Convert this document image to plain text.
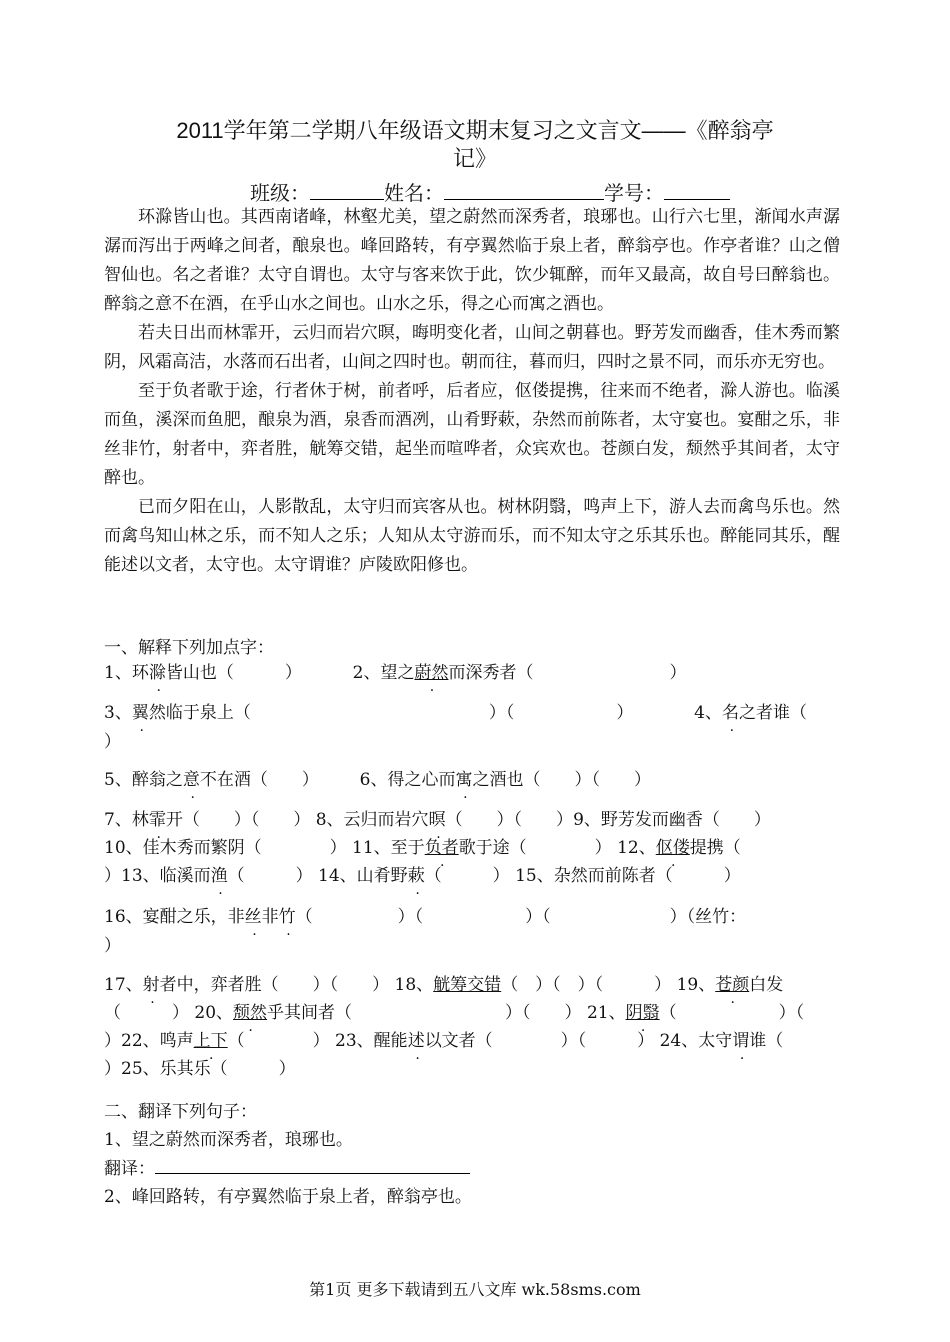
2011学年第二学期八年级语文期末复习之文言文——《醉翁亭
记》
班级：	姓名：	学号：

环滁皆山也。其西南诸峰，林壑尤美，望之蔚然而深秀者，琅琊也。山行六七里，渐闻水声潺潺而泻出于两峰之间者，酿泉也。峰回路转，有亭翼然临于泉上者，醉翁亭也。作亭者谁？山之僧智仙也。名之者谁？太守自谓也。太守与客来饮于此，饮少辄醉，而年又最高，故自号曰醉翁也。醉翁之意不在酒，在乎山水之间也。山水之乐，得之心而寓之酒也。

若夫日出而林霏开，云归而岩穴暝，晦明变化者，山间之朝暮也。野芳发而幽香，佳木秀而繁阴，风霜高洁，水落而石出者，山间之四时也。朝而往，暮而归，四时之景不同，而乐亦无穷也。

至于负者歌于途，行者休于树，前者呼，后者应，伛偻提携，往来而不绝者，滁人游也。临溪而鱼，溪深而鱼肥，酿泉为酒，泉香而酒冽，山肴野蔌，杂然而前陈者，太守宴也。宴酣之乐，非丝非竹，射者中，弈者胜，觥筹交错，起坐而喧哗者，众宾欢也。苍颜白发，颓然乎其间者，太守醉也。

已而夕阳在山，人影散乱，太守归而宾客从也。树林阴翳，鸣声上下，游人去而禽鸟乐也。然而禽鸟知山林之乐，而不知人之乐；人知从太守游而乐，而不知太守之乐其乐也。醉能同其乐，醒能述以文者，太守也。太守谓谁？庐陵欧阳修也。

一、解释下列加点字：
1、环滁皆山也（　　　）	2、望之蔚然而深秀者（　　　　　　　　）
3、翼然临于泉上（　　　　　　　　　　　　　　）（　　　　　　）	4、名之者谁（
）
5、醉翁之意不在酒（　　） 6、得之心而寓之酒也（　　）（　　）
7、林霏开（　　）（　　） 8、云归而岩穴暝（　　）（　　）9、野芳发而幽香（　　）
10、佳木秀而繁阴（　　　　） 11、至于负者歌于途（　　　　） 12、伛偻提携（
）13、临溪而渔（　　　） 14、山肴野蔌（　　　） 15、杂然而前陈者（　　　）
16、宴酣之乐，非丝非竹（　　　　　）（　　　　　　）（　　　　　　　）（丝竹：
）
17、射者中，弈者胜（　　）（　　） 18、觥筹交错（　）（　）（　　　） 19、苍颜白发
（　　　） 20、颓然乎其间者（　　　　　　　　　）（　　） 21、阴翳（　　　　　　）（
）22、鸣声上下（　　　　） 23、醒能述以文者（　　　　）（　　　） 24、太守谓谁（
）25、乐其乐（　　　）
二、翻译下列句子：
1、望之蔚然而深秀者，琅琊也。
翻译：
2、峰回路转，有亭翼然临于泉上者，醉翁亭也。
第1页 更多下载请到五八文库 wk.58sms.com
